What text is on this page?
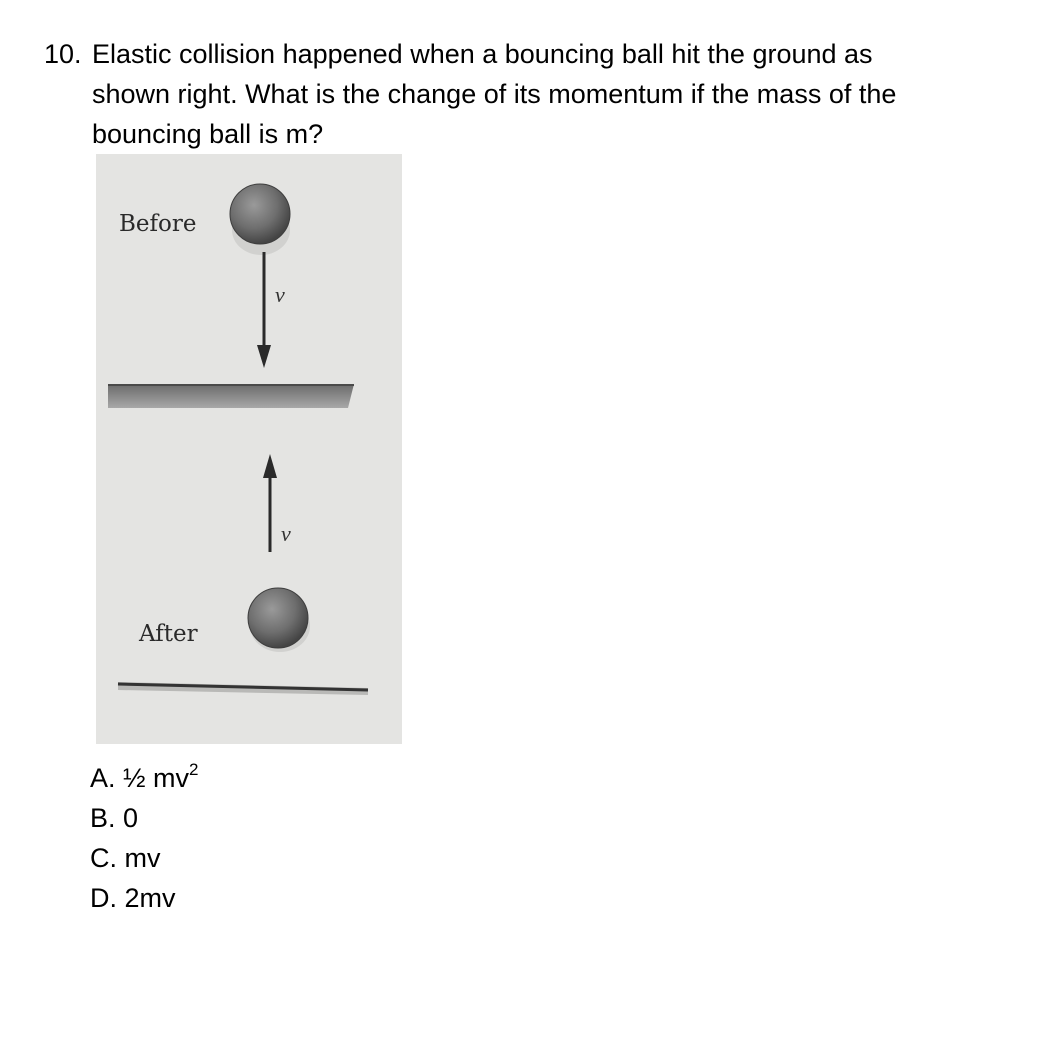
10. Elastic collision happened when a bouncing ball hit the ground as
shown right. What is the change of its momentum if the mass of the
bouncing ball is m?
Before
v
v
After
A. ½ $mv^2$
B. 0
C. mv
D. 2mv
